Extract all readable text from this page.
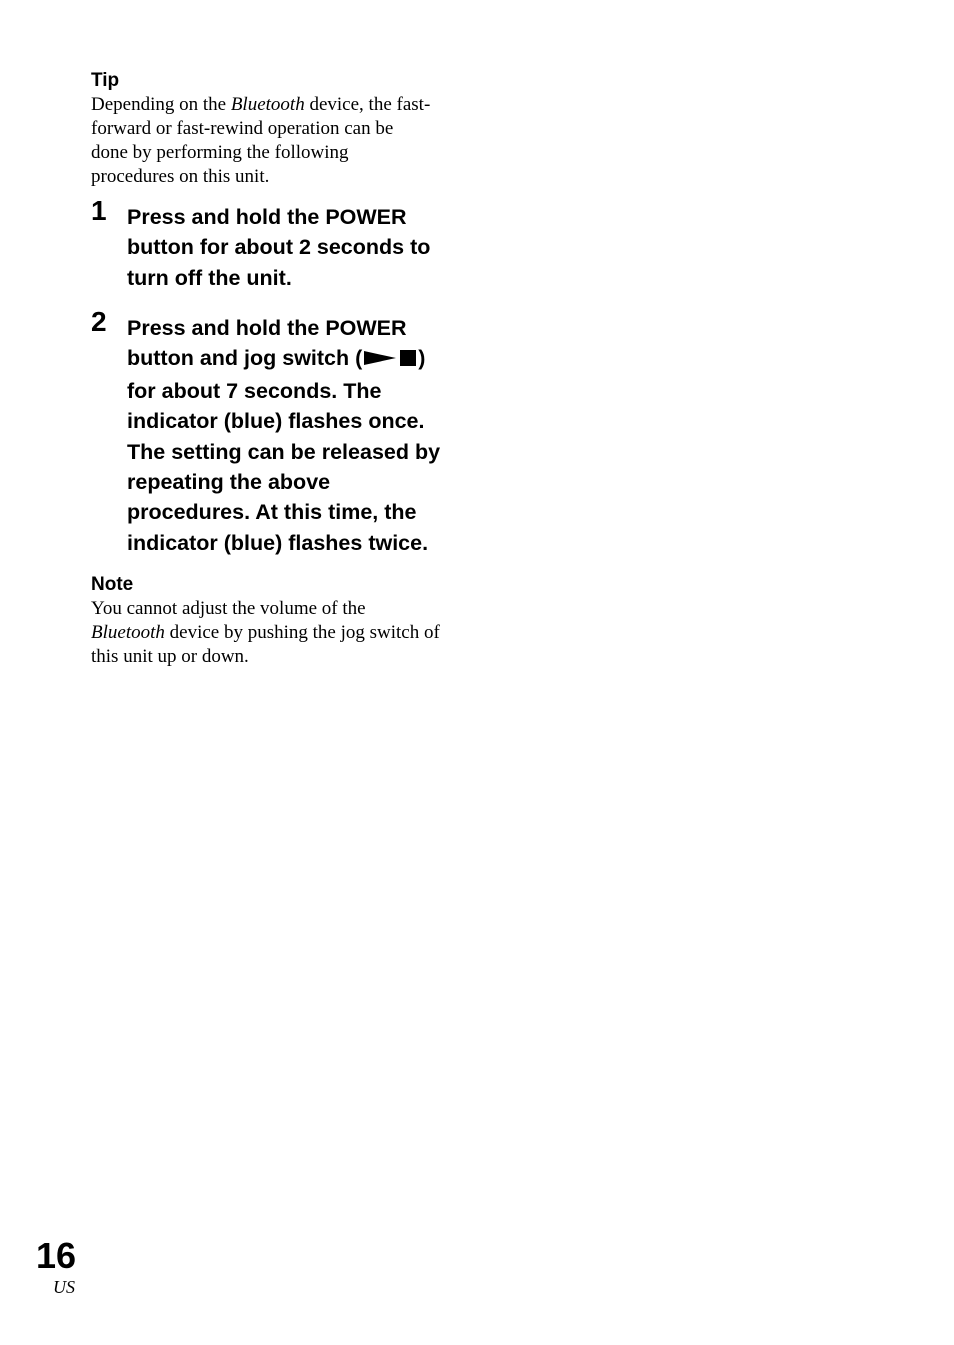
Tip

Depending on the Bluetooth device, the fast-

forward or fast-rewind operation can be

done by performing the following

procedures on this unit.

1 Press and hold the POWER
button for about 2 seconds to
turn off the unit.
2 Press and hold the POWER
button and jog switch (	)
for about 7 seconds. The
indicator (blue) flashes once.
The setting can be released by
repeating the above
procedures. At this time, the
indicator (blue) flashes twice.

Note

You cannot adjust the volume of the

Bluetooth device by pushing the jog switch of

this unit up or down.

16
US
